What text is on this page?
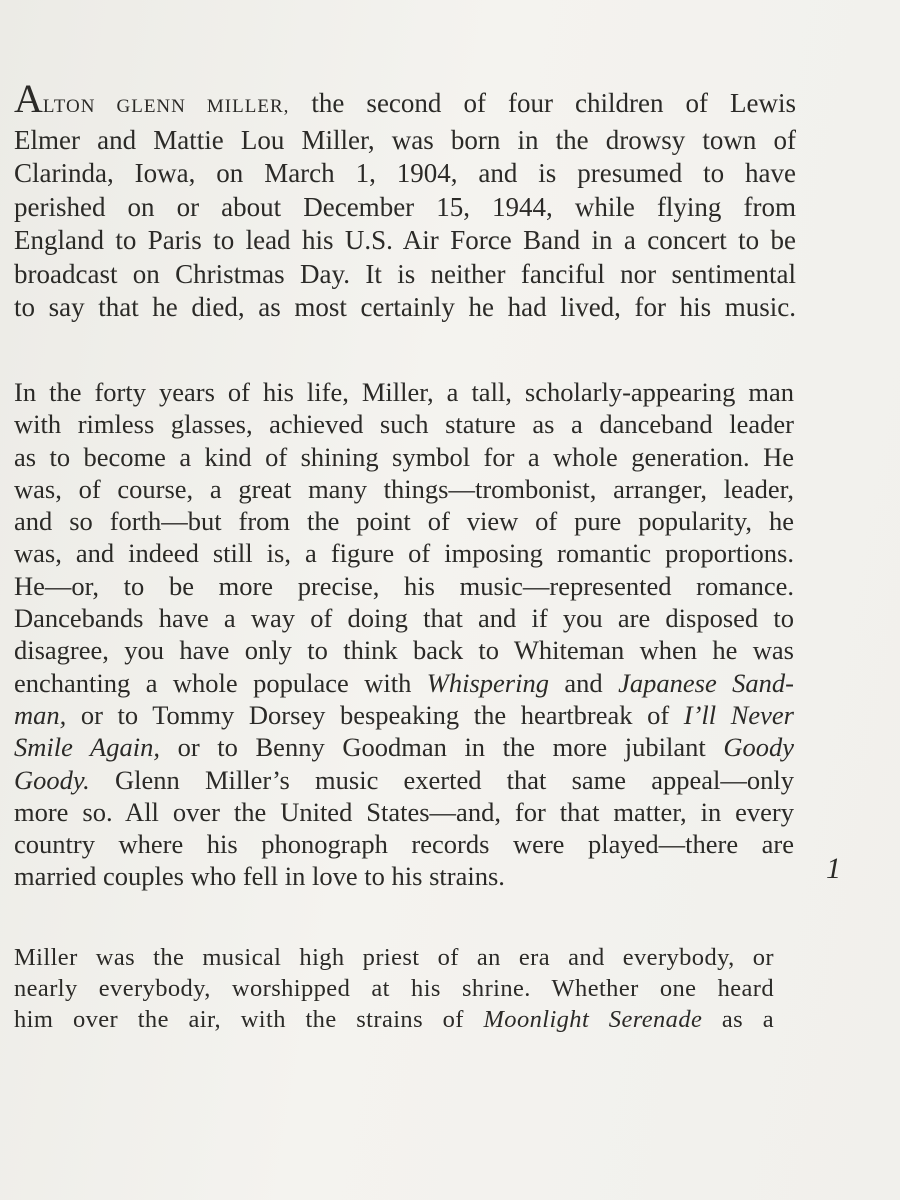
ALTON GLENN MILLER, the second of four children of Lewis
Elmer and Mattie Lou Miller, was born in the drowsy town of
Clarinda, Iowa, on March 1, 1904, and is presumed to have
perished on or about December 15, 1944, while flying from
England to Paris to lead his U.S. Air Force Band in a concert to be
broadcast on Christmas Day. It is neither fanciful nor sentimental
to say that he died, as most certainly he had lived, for his music.
In the forty years of his life, Miller, a tall, scholarly-appearing man
with rimless glasses, achieved such stature as a danceband leader
as to become a kind of shining symbol for a whole generation. He
was, of course, a great many things—trombonist, arranger, leader,
and so forth—but from the point of view of pure popularity, he
was, and indeed still is, a figure of imposing romantic proportions.
He—or, to be more precise, his music—represented romance.
Dancebands have a way of doing that and if you are disposed to
disagree, you have only to think back to Whiteman when he was
enchanting a whole populace with Whispering and Japanese Sand-
man, or to Tommy Dorsey bespeaking the heartbreak of I’ll Never
Smile Again, or to Benny Goodman in the more jubilant Goody
Goody. Glenn Miller’s music exerted that same appeal—only
more so. All over the United States—and, for that matter, in every
country where his phonograph records were played—there are
married couples who fell in love to his strains.	1
Miller was the musical high priest of an era and everybody, or
nearly everybody, worshipped at his shrine. Whether one heard
him over the air, with the strains of Moonlight Serenade as a
